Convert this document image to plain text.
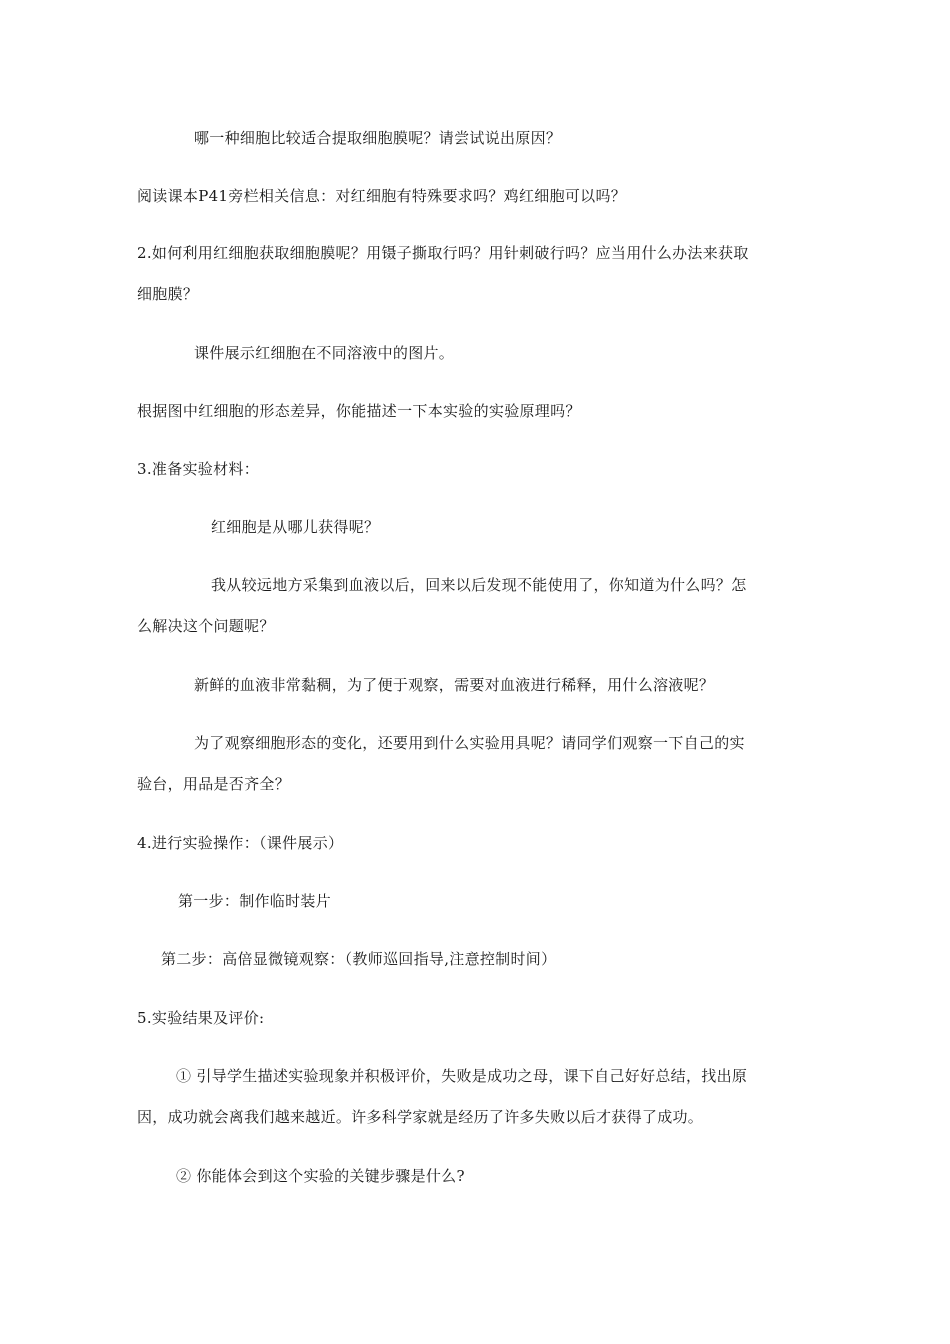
哪一种细胞比较适合提取细胞膜呢？请尝试说出原因？
阅读课本P41旁栏相关信息：对红细胞有特殊要求吗？鸡红细胞可以吗？
2.如何利用红细胞获取细胞膜呢？用镊子撕取行吗？用针刺破行吗？应当用什么办法来获取
细胞膜？
课件展示红细胞在不同溶液中的图片。
根据图中红细胞的形态差异，你能描述一下本实验的实验原理吗？
3.准备实验材料：
红细胞是从哪儿获得呢？
我从较远地方采集到血液以后，回来以后发现不能使用了，你知道为什么吗？怎
么解决这个问题呢？
新鲜的血液非常黏稠，为了便于观察，需要对血液进行稀释，用什么溶液呢？
为了观察细胞形态的变化，还要用到什么实验用具呢？请同学们观察一下自己的实
验台，用品是否齐全？
4.进行实验操作：（课件展示）
第一步：制作临时装片
第二步：高倍显微镜观察：（教师巡回指导,注意控制时间）
5.实验结果及评价:
① 引导学生描述实验现象并积极评价，失败是成功之母，课下自己好好总结，找出原
因，成功就会离我们越来越近。许多科学家就是经历了许多失败以后才获得了成功。
② 你能体会到这个实验的关键步骤是什么?
